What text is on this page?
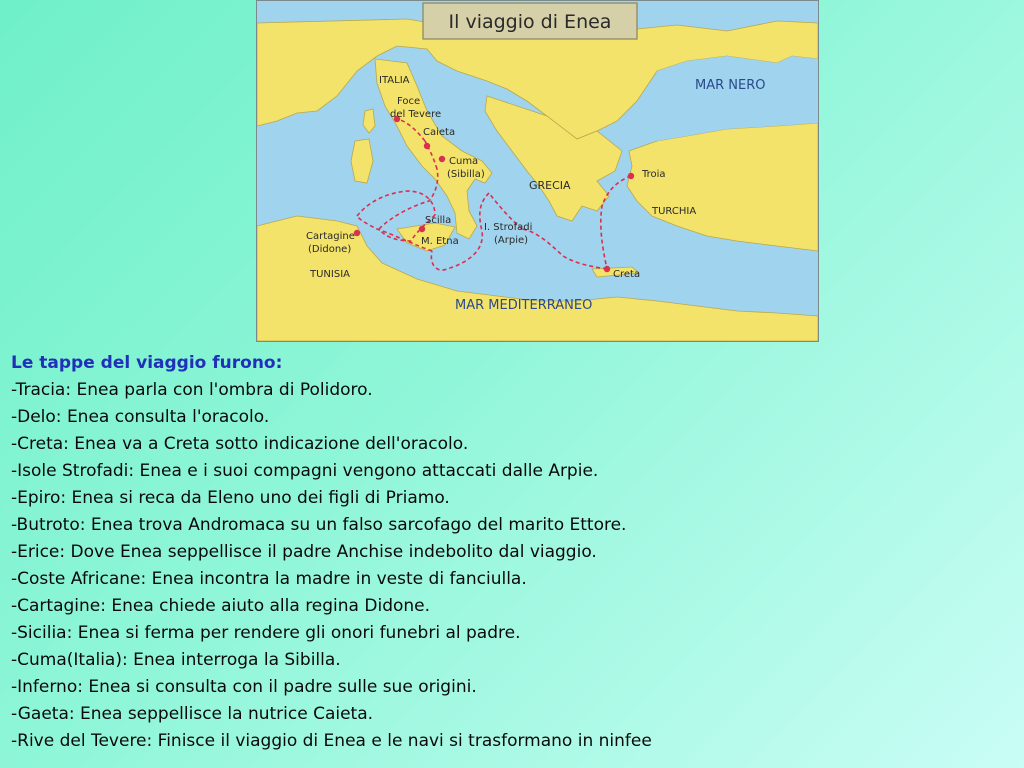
Il viaggio di Enea
ITALIA
Foce
del Tevere
Caieta
Cuma
(Sibilla)
GRECIA
Troia
TURCHIA
Cartagine
(Didone)
TUNISIA
Scilla
M. Etna
I. Strofadi
(Arpie)
Creta
MAR NERO
MAR MEDITERRANEO
Le tappe del viaggio furono:
-Tracia: Enea parla con l'ombra di Polidoro.
-Delo: Enea consulta l'oracolo.
-Creta: Enea va a Creta sotto indicazione dell'oracolo.
-Isole Strofadi: Enea e i suoi compagni vengono attaccati dalle Arpie.
-Epiro: Enea si reca da Eleno uno dei figli di Priamo.
-Butroto: Enea trova Andromaca su un falso sarcofago del marito Ettore.
-Erice: Dove Enea seppellisce il padre Anchise indebolito dal viaggio.
-Coste Africane: Enea incontra la madre in veste di fanciulla.
-Cartagine: Enea chiede aiuto alla regina Didone.
-Sicilia: Enea si ferma per rendere gli onori funebri al padre.
-Cuma(Italia): Enea interroga la Sibilla.
-Inferno: Enea si consulta con il padre sulle sue origini.
-Gaeta: Enea seppellisce la nutrice Caieta.
-Rive del Tevere: Finisce il viaggio di Enea e le navi si trasformano in ninfee
